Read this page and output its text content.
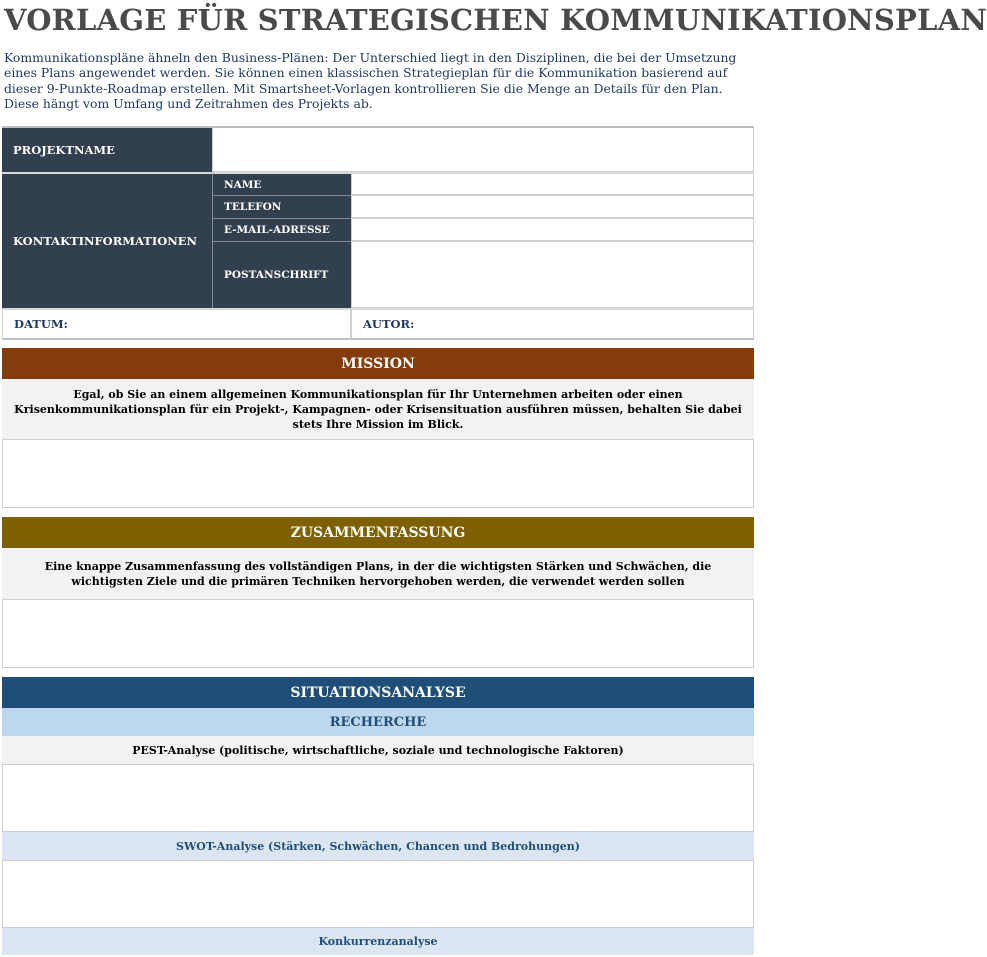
VORLAGE FÜR STRATEGISCHEN KOMMUNIKATIONSPLAN
Kommunikationspläne ähneln den Business-Plänen: Der Unterschied liegt in den Disziplinen, die bei der Umsetzung eines Plans angewendet werden. Sie können einen klassischen Strategieplan für die Kommunikation basierend auf dieser 9-Punkte-Roadmap erstellen. Mit Smartsheet-Vorlagen kontrollieren Sie die Menge an Details für den Plan. Diese hängt vom Umfang und Zeitrahmen des Projekts ab.
PROJEKTNAME
KONTAKTINFORMATIONEN
NAME
TELEFON
E-MAIL-ADRESSE
POSTANSCHRIFT
DATUM:	AUTOR:
MISSION
Egal, ob Sie an einem allgemeinen Kommunikationsplan für Ihr Unternehmen arbeiten oder einen Krisenkommunikationsplan für ein Projekt-, Kampagnen- oder Krisensituation ausführen müssen, behalten Sie dabei stets Ihre Mission im Blick.
ZUSAMMENFASSUNG
Eine knappe Zusammenfassung des vollständigen Plans, in der die wichtigsten Stärken und Schwächen, die wichtigsten Ziele und die primären Techniken hervorgehoben werden, die verwendet werden sollen
SITUATIONSANALYSE
RECHERCHE
PEST-Analyse (politische, wirtschaftliche, soziale und technologische Faktoren)
SWOT-Analyse (Stärken, Schwächen, Chancen und Bedrohungen)
Konkurrenzanalyse
